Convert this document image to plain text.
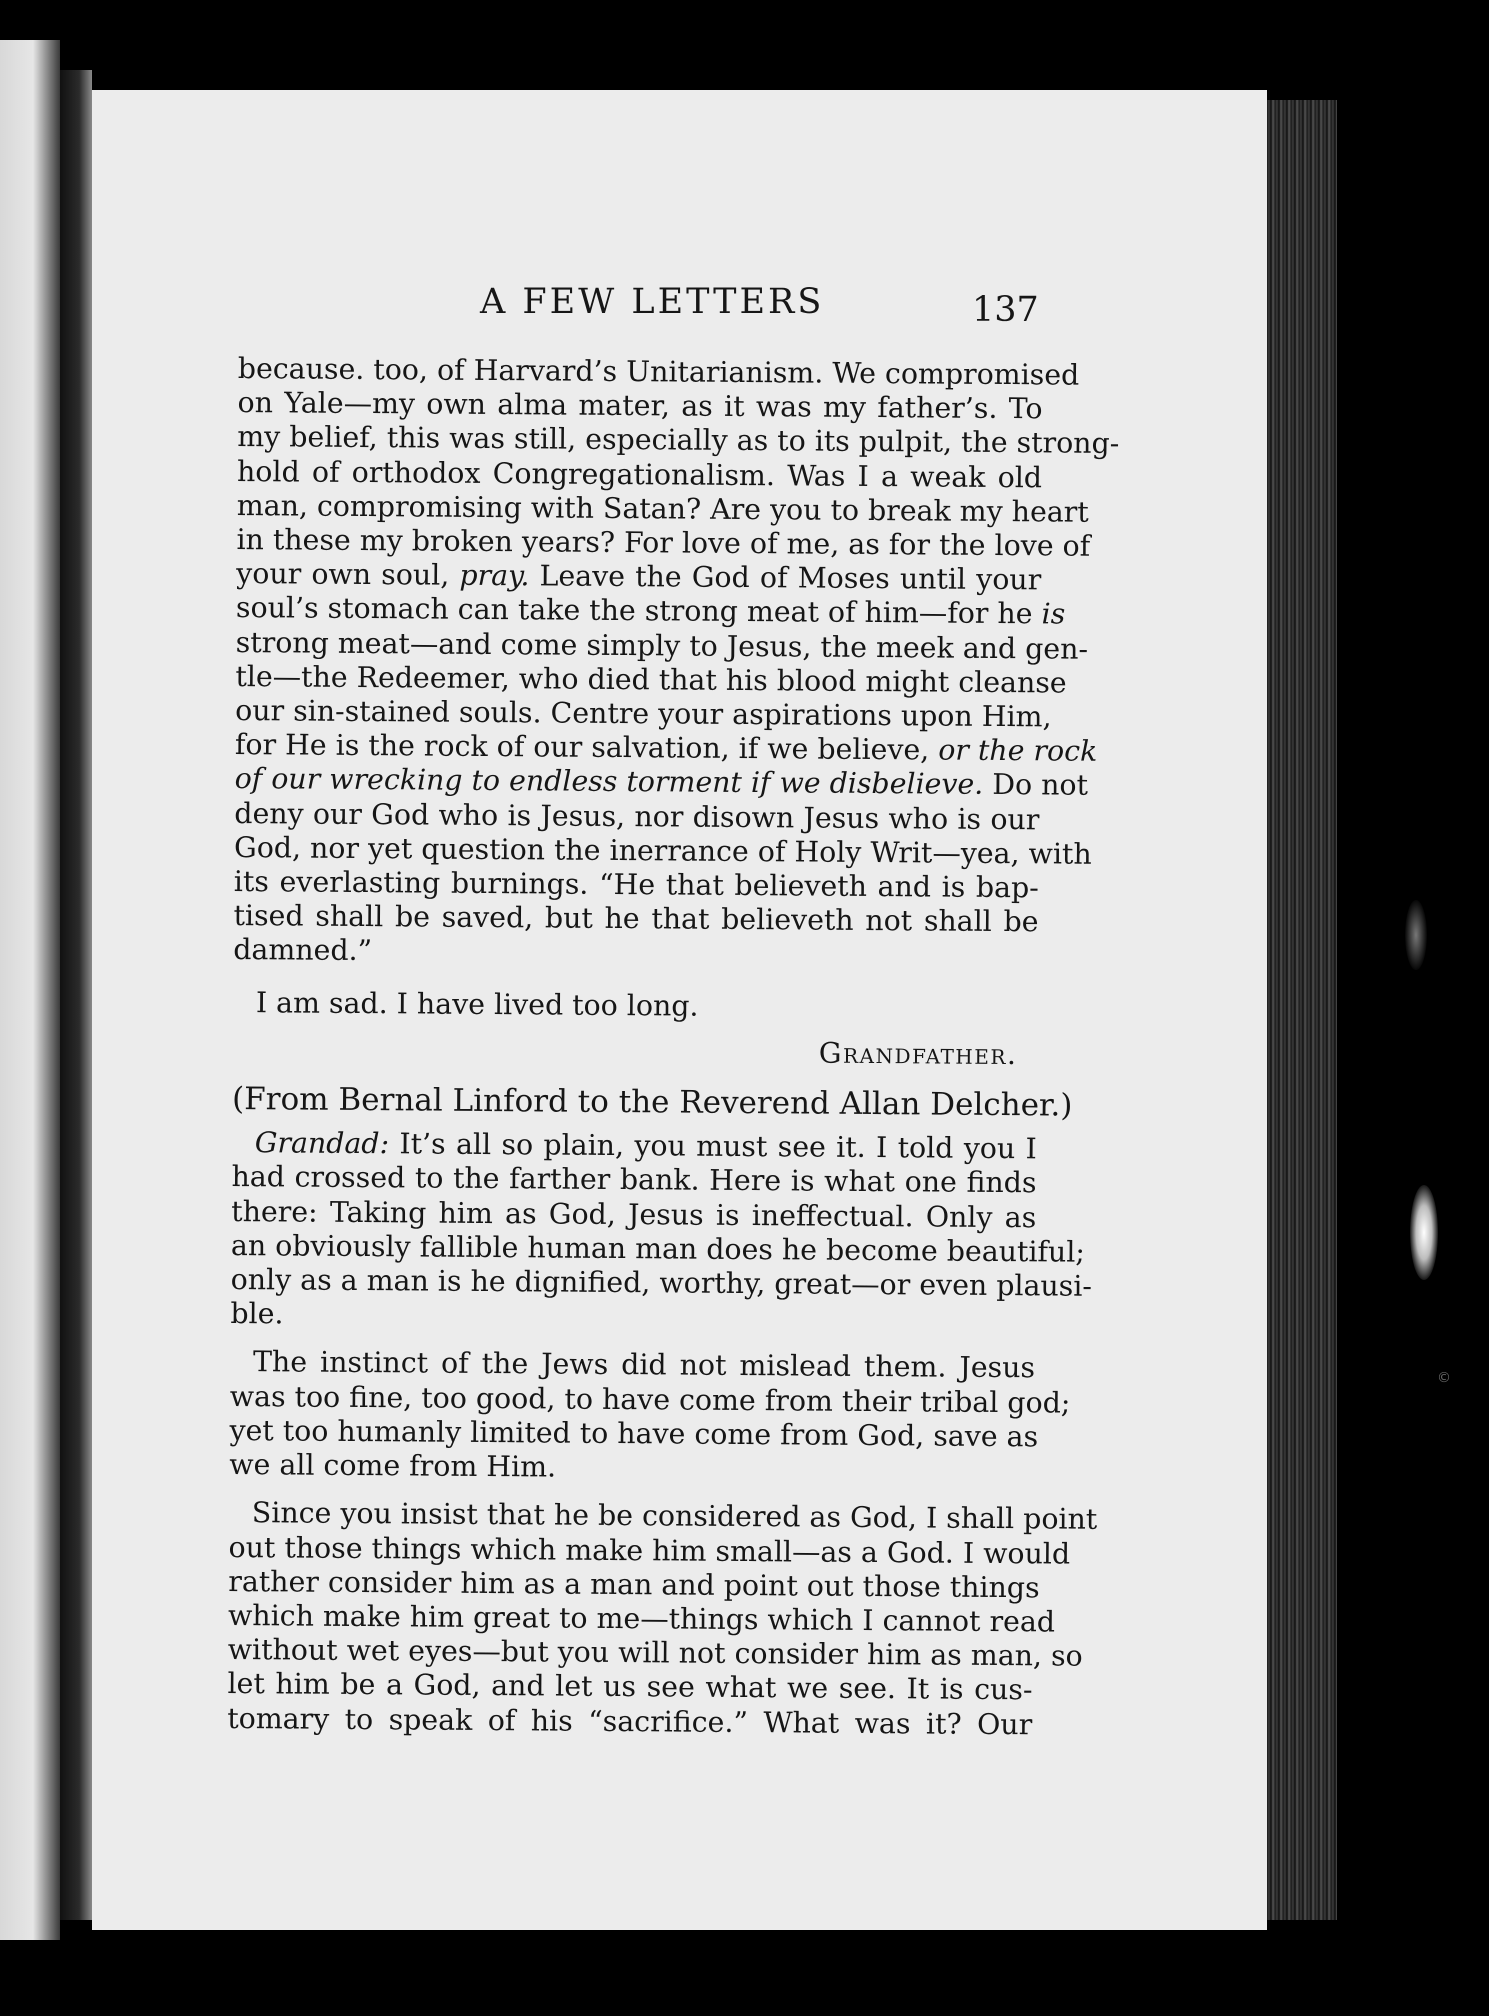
©
A FEW LETTERS	137
because. too, of Harvard’s Unitarianism. We compromised
on Yale—my own alma mater, as it was my father’s. To
my belief, this was still, especially as to its pulpit, the strong-
hold of orthodox Congregationalism. Was I a weak old
man, compromising with Satan? Are you to break my heart
in these my broken years? For love of me, as for the love of
your own soul, pray. Leave the God of Moses until your
soul’s stomach can take the strong meat of him—for he is
strong meat—and come simply to Jesus, the meek and gen-
tle—the Redeemer, who died that his blood might cleanse
our sin-stained souls. Centre your aspirations upon Him,
for He is the rock of our salvation, if we believe, or the rock
of our wrecking to endless torment if we disbelieve. Do not
deny our God who is Jesus, nor disown Jesus who is our
God, nor yet question the inerrance of Holy Writ—yea, with
its everlasting burnings. “He that believeth and is bap-
tised shall be saved, but he that believeth not shall be
damned.”
I am sad. I have lived too long.
Grandfather.
(From Bernal Linford to the Reverend Allan Delcher.)
Grandad: It’s all so plain, you must see it. I told you I
had crossed to the farther bank. Here is what one finds
there: Taking him as God, Jesus is ineffectual. Only as
an obviously fallible human man does he become beautiful;
only as a man is he dignified, worthy, great—or even plausi-
ble.
The instinct of the Jews did not mislead them. Jesus
was too fine, too good, to have come from their tribal god;
yet too humanly limited to have come from God, save as
we all come from Him.
Since you insist that he be considered as God, I shall point
out those things which make him small—as a God. I would
rather consider him as a man and point out those things
which make him great to me—things which I cannot read
without wet eyes—but you will not consider him as man, so
let him be a God, and let us see what we see. It is cus-
tomary to speak of his “sacrifice.” What was it? Our
